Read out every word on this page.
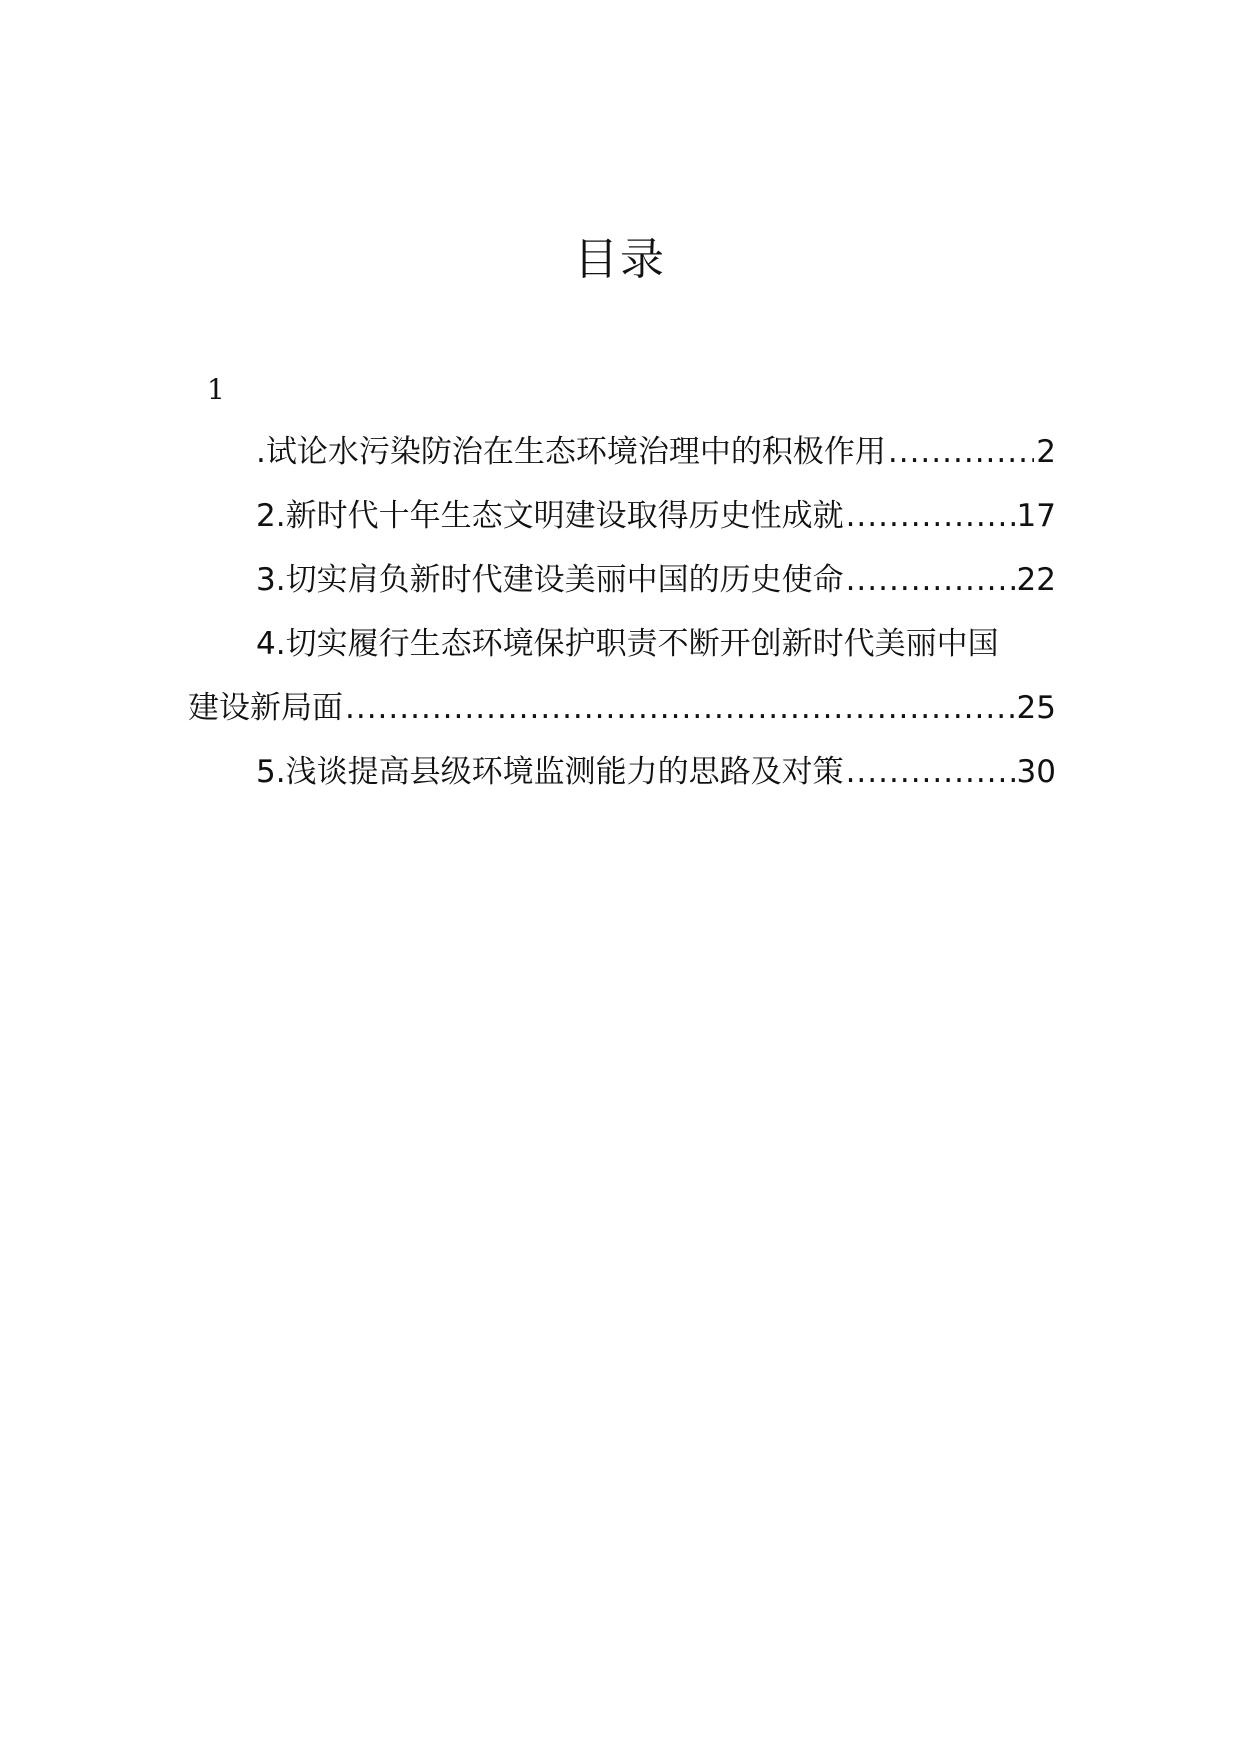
目录
1
.试论水污染防治在生态环境治理中的积极作用 .....	2
2.新时代十年生态文明建设取得历史性成就 .....	17
3.切实肩负新时代建设美丽中国的历史使命 .....	22
4.切实履行生态环境保护职责不断开创新时代美丽中国
建设新局面 .....	25
5.浅谈提高县级环境监测能力的思路及对策 .....	30
